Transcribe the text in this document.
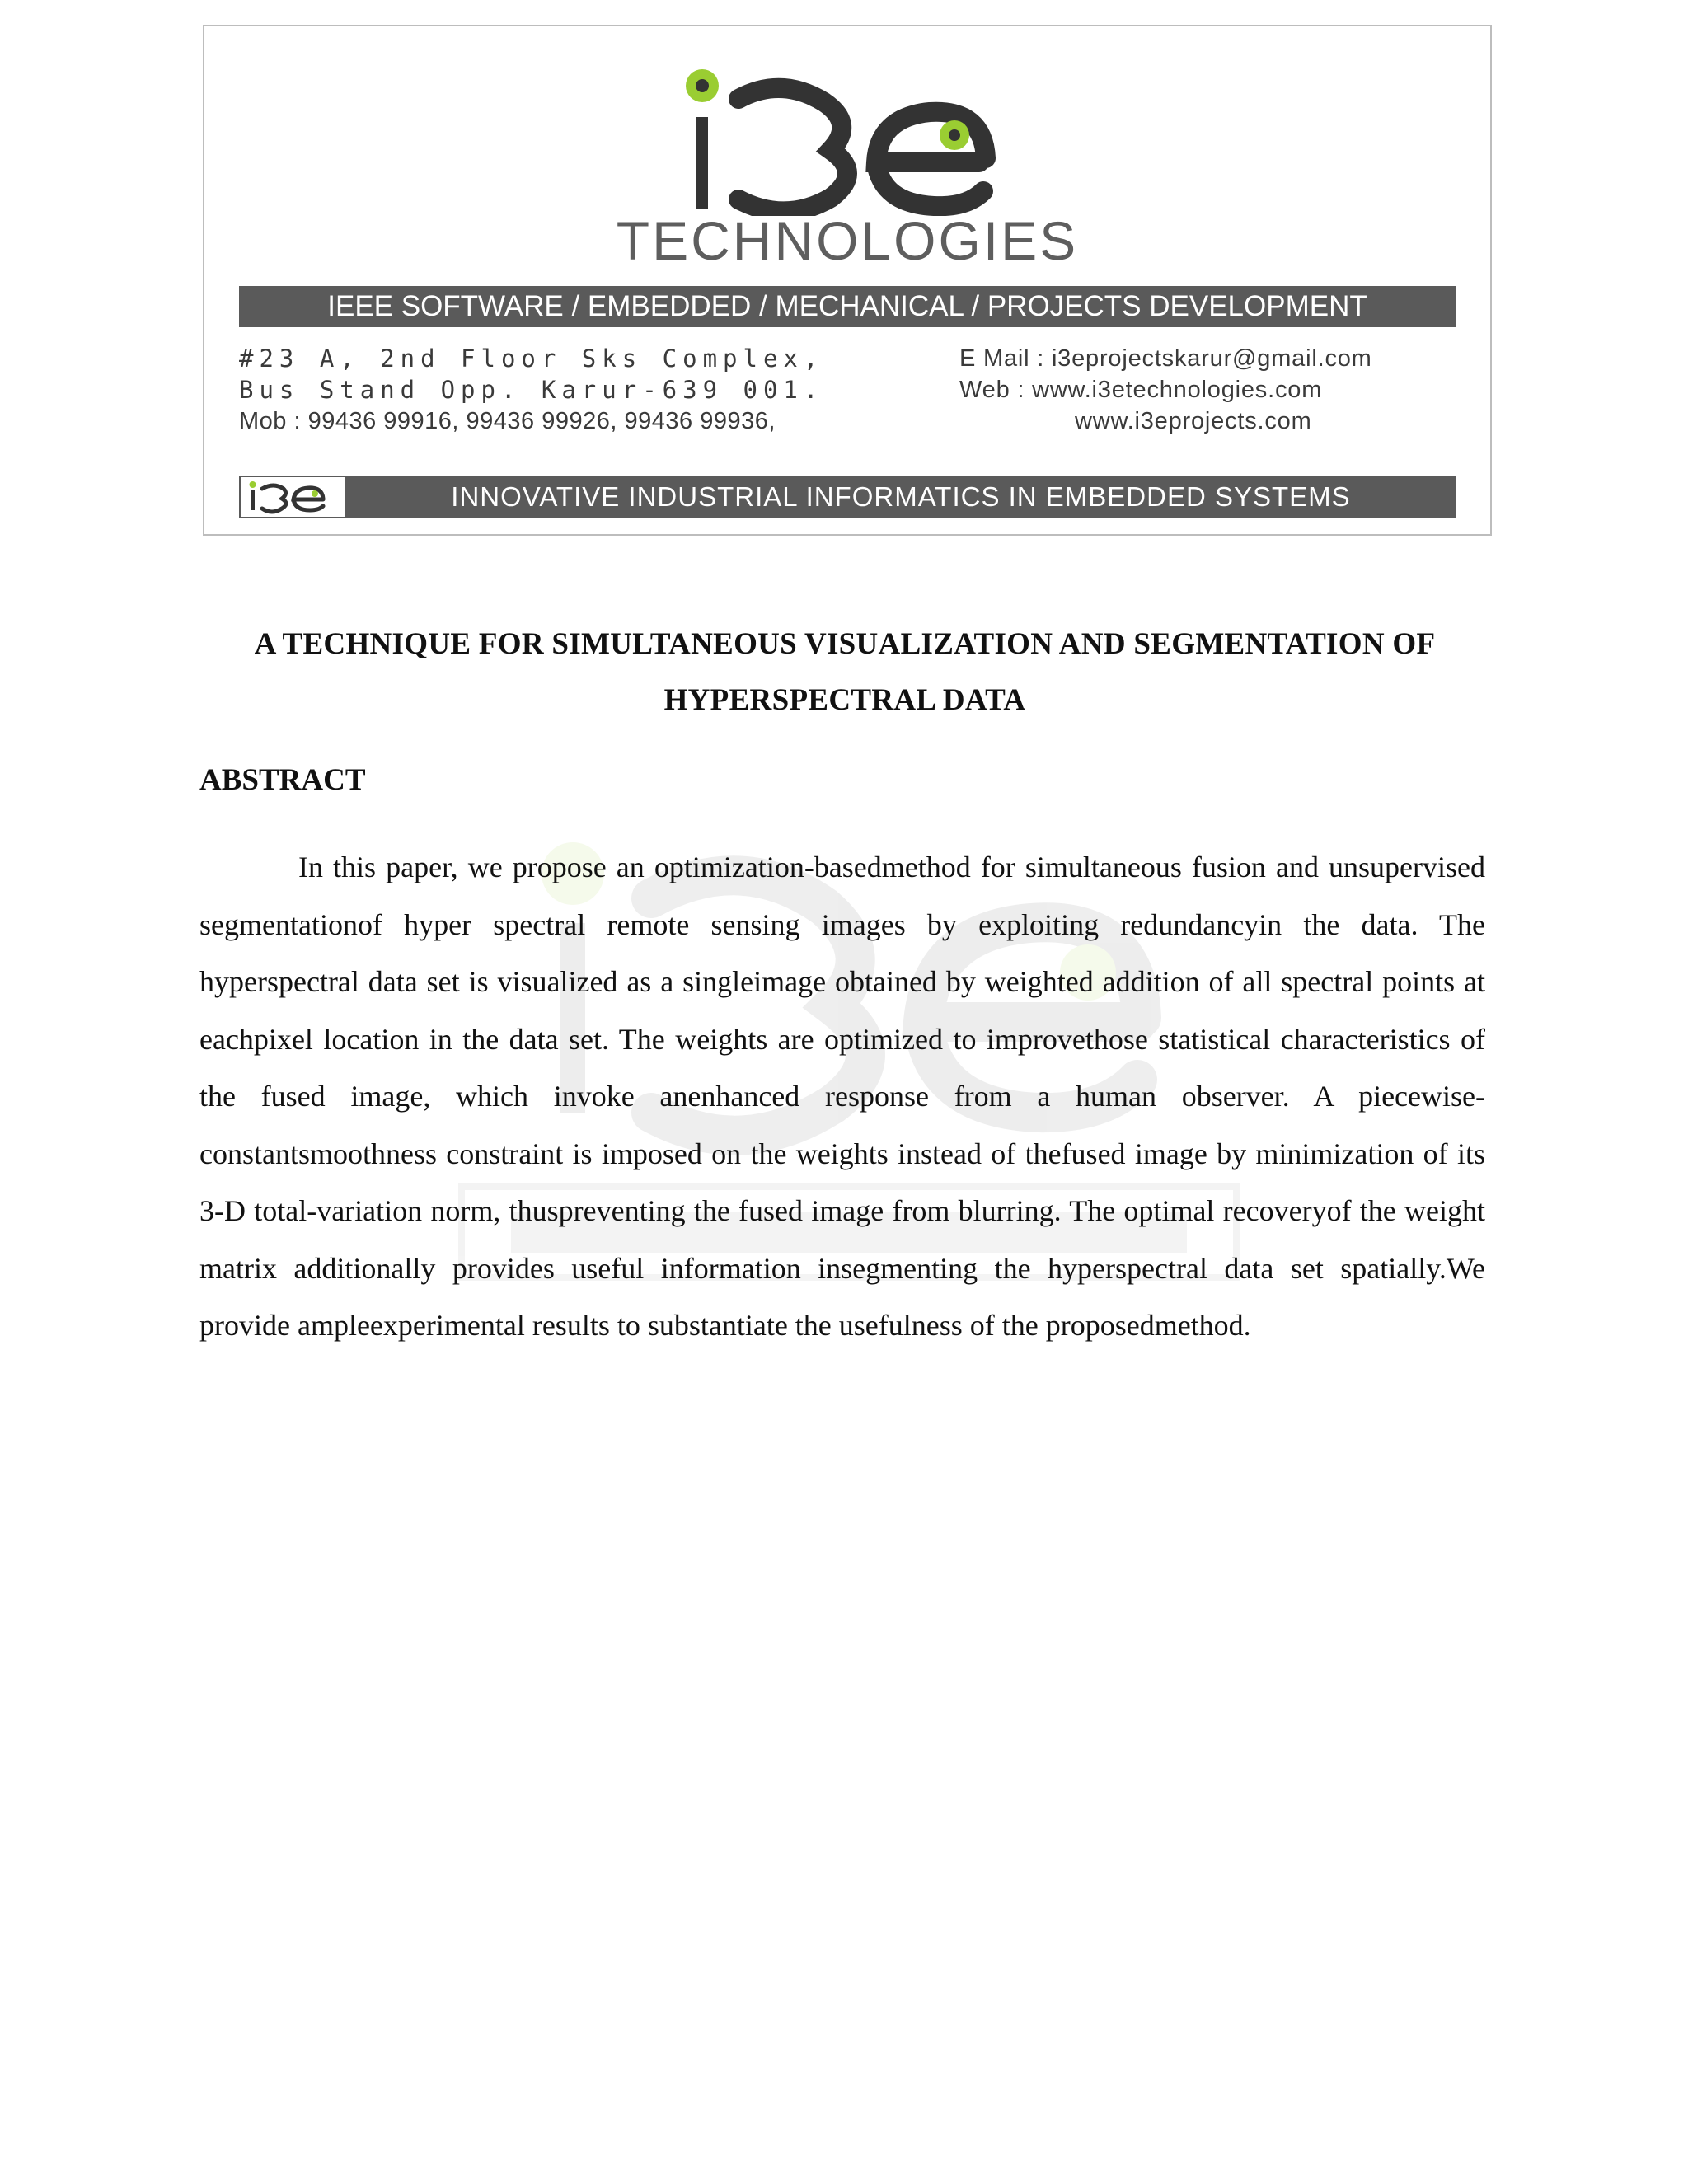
TECHNOLOGIES
IEEE SOFTWARE / EMBEDDED / MECHANICAL / PROJECTS DEVELOPMENT
#23 A, 2nd Floor Sks Complex,
Bus Stand Opp. Karur-639 001.
Mob : 99436 99916, 99436 99926, 99436 99936,
E Mail : i3eprojectskarur@gmail.com
Web : www.i3etechnologies.com
www.i3eprojects.com
INNOVATIVE INDUSTRIAL INFORMATICS IN EMBEDDED SYSTEMS
A TECHNIQUE FOR SIMULTANEOUS VISUALIZATION AND SEGMENTATION OF
HYPERSPECTRAL DATA
ABSTRACT

In this paper, we propose an optimization-basedmethod for simultaneous fusion and unsupervised segmentationof hyper spectral remote sensing images by exploiting redundancyin the data. The hyperspectral data set is visualized as a singleimage obtained by weighted addition of all spectral points at eachpixel location in the data set. The weights are optimized to improvethose statistical characteristics of the fused image, which invoke anenhanced response from a human observer. A piecewise-constantsmoothness constraint is imposed on the weights instead of thefused image by minimization of its 3-D total-variation norm, thuspreventing the fused image from blurring. The optimal recoveryof the weight matrix additionally provides useful information insegmenting the hyperspectral data set spatially.We provide ampleexperimental results to substantiate the usefulness of the proposedmethod.
